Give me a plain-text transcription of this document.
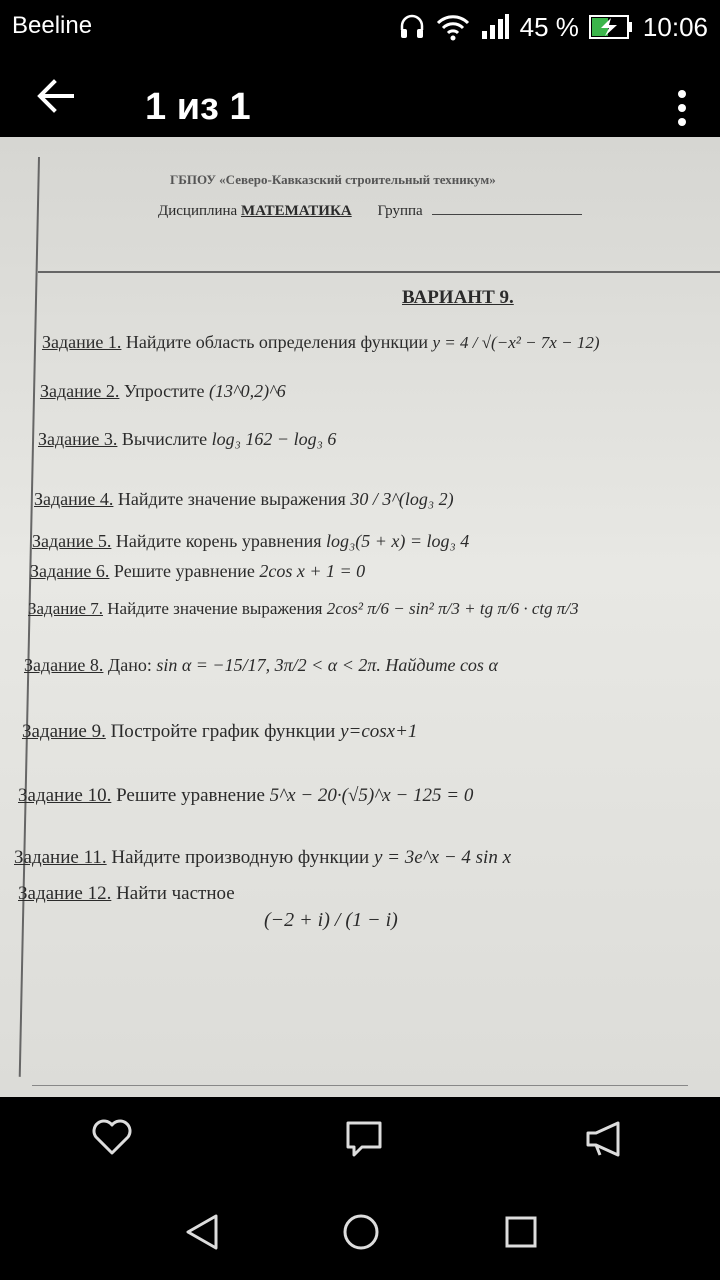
Beeline	45 % 10:06
1 из 1
ГБПОУ «Северо-Кавказский строительный техникум»
Дисциплина МАТЕМАТИКА Группа
ВАРИАНТ 9.
Задание 1. Найдите область определения функции y = 4 / √(−x² − 7x − 12)
Задание 2. Упростите (13^0,2)^6
Задание 3. Вычислите log₃ 162 − log₃ 6
Задание 4. Найдите значение выражения 30 / 3^(log₃ 2)
Задание 5. Найдите корень уравнения log₃(5 + x) = log₃ 4
Задание 6. Решите уравнение 2cos x + 1 = 0
Задание 7. Найдите значение выражения 2cos² π/6 − sin² π/3 + tg π/6 · ctg π/3
Задание 8. Дано: sin α = −15/17, 3π/2 < α < 2π. Найдите cos α
Задание 9. Постройте график функции y=cosx+1
Задание 10. Решите уравнение 5^x − 20·(√5)^x − 125 = 0
Задание 11. Найдите производную функции y = 3e^x − 4 sin x
Задание 12. Найти частное
(−2 + i) / (1 − i)
